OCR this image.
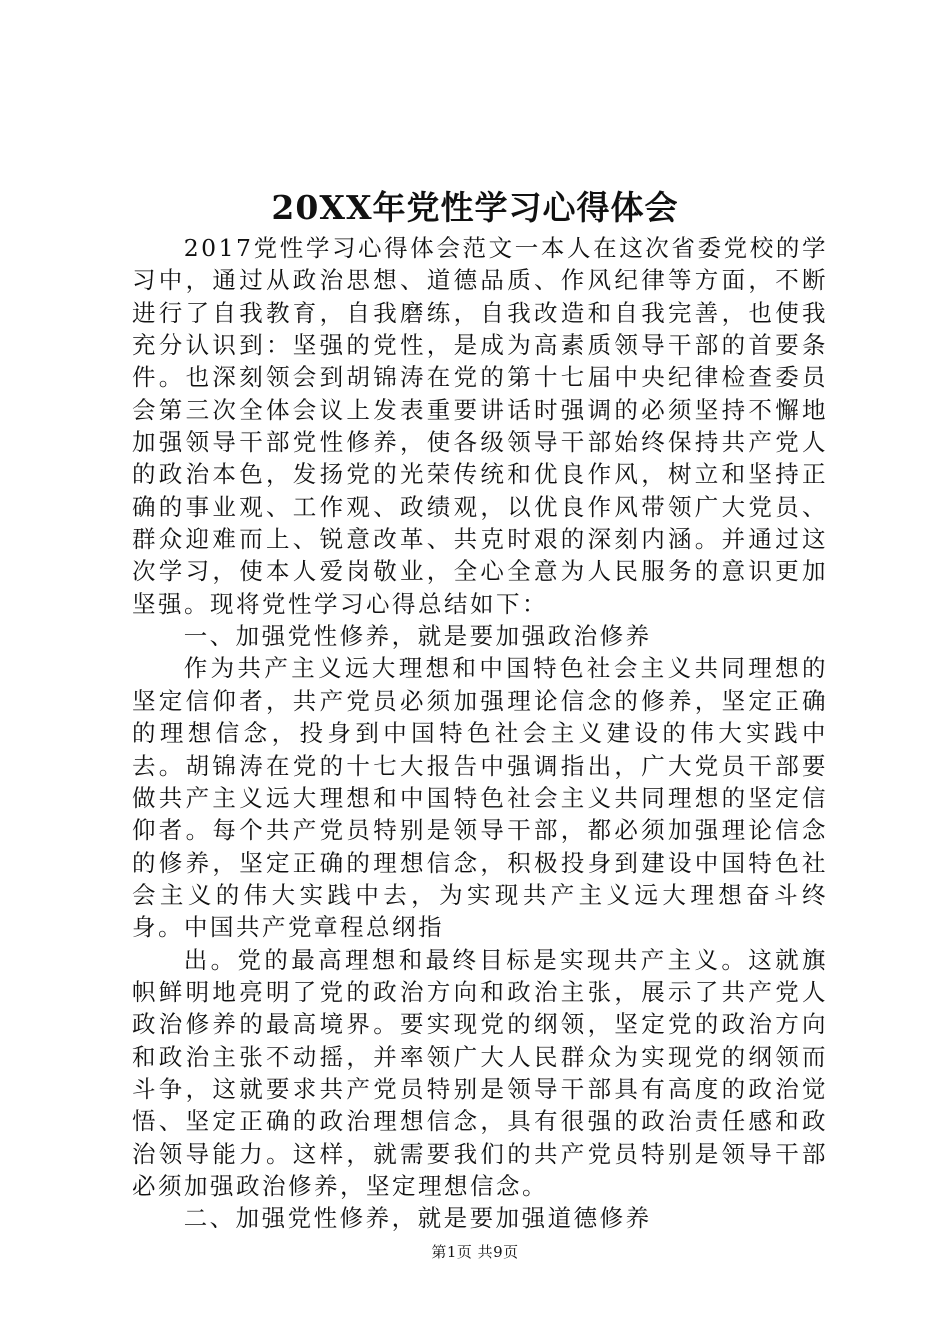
20XX年党性学习心得体会

2017党性学习心得体会范文一本人在这次省委党校的学习中，通过从政治思想、道德品质、作风纪律等方面，不断进行了自我教育，自我磨练，自我改造和自我完善，也使我充分认识到：坚强的党性，是成为高素质领导干部的首要条件。也深刻领会到胡锦涛在党的第十七届中央纪律检查委员会第三次全体会议上发表重要讲话时强调的必须坚持不懈地加强领导干部党性修养，使各级领导干部始终保持共产党人的政治本色，发扬党的光荣传统和优良作风，树立和坚持正确的事业观、工作观、政绩观，以优良作风带领广大党员、群众迎难而上、锐意改革、共克时艰的深刻内涵。并通过这次学习，使本人爱岗敬业，全心全意为人民服务的意识更加坚强。现将党性学习心得总结如下：

一、加强党性修养，就是要加强政治修养

作为共产主义远大理想和中国特色社会主义共同理想的坚定信仰者，共产党员必须加强理论信念的修养，坚定正确的理想信念，投身到中国特色社会主义建设的伟大实践中去。胡锦涛在党的十七大报告中强调指出，广大党员干部要做共产主义远大理想和中国特色社会主义共同理想的坚定信仰者。每个共产党员特别是领导干部，都必须加强理论信念的修养，坚定正确的理想信念，积极投身到建设中国特色社会主义的伟大实践中去，为实现共产主义远大理想奋斗终身。中国共产党章程总纲指

出。党的最高理想和最终目标是实现共产主义。这就旗帜鲜明地亮明了党的政治方向和政治主张，展示了共产党人政治修养的最高境界。要实现党的纲领，坚定党的政治方向和政治主张不动摇，并率领广大人民群众为实现党的纲领而斗争，这就要求共产党员特别是领导干部具有高度的政治觉悟、坚定正确的政治理想信念，具有很强的政治责任感和政治领导能力。这样，就需要我们的共产党员特别是领导干部必须加强政治修养，坚定理想信念。

二、加强党性修养，就是要加强道德修养

第1页 共9页
